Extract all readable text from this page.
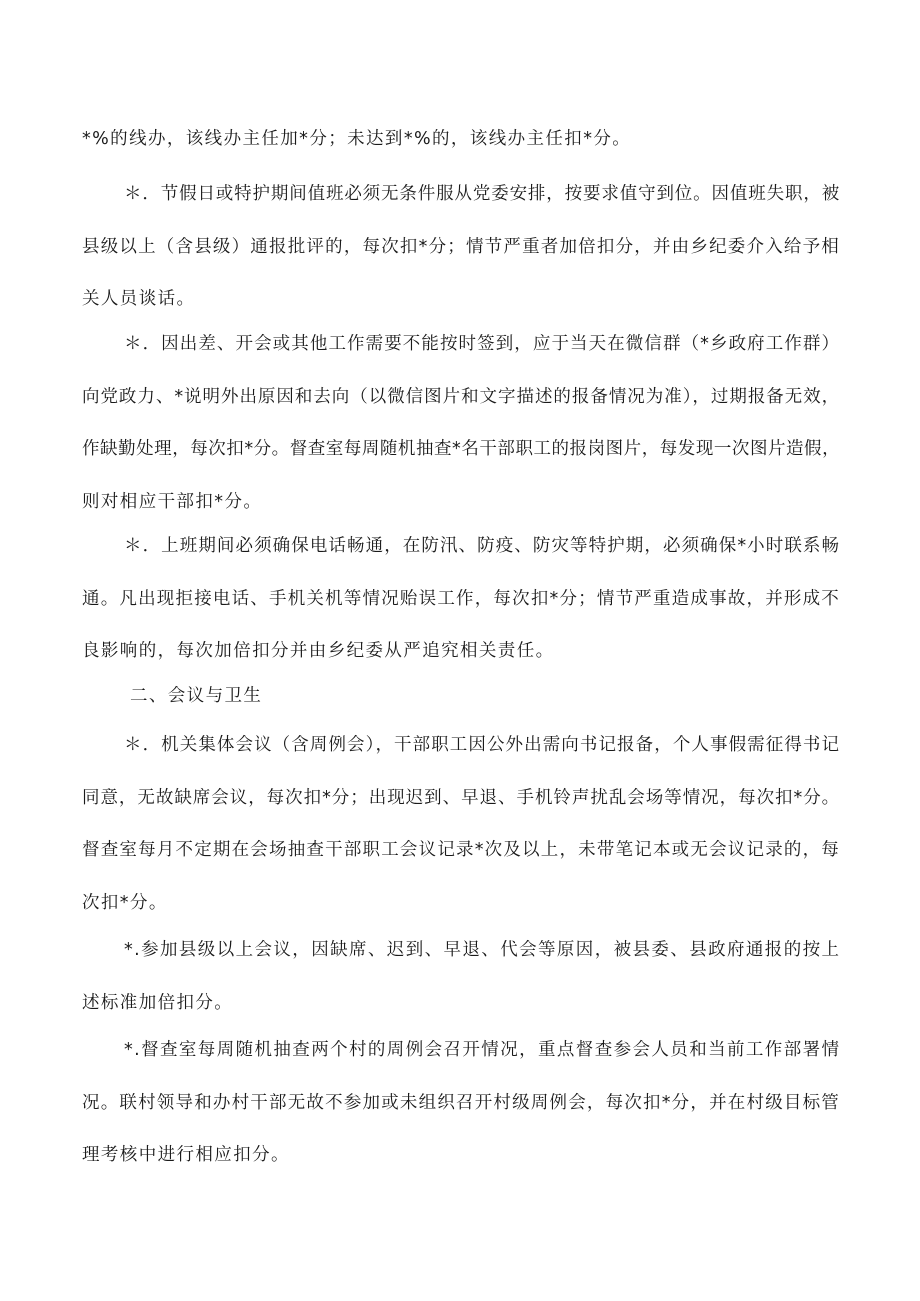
*%的线办，该线办主任加*分；未达到*%的，该线办主任扣*分。
＊．节假日或特护期间值班必须无条件服从党委安排，按要求值守到位。因值班失职，被
县级以上（含县级）通报批评的，每次扣*分；情节严重者加倍扣分，并由乡纪委介入给予相
关人员谈话。
＊．因出差、开会或其他工作需要不能按时签到，应于当天在微信群（*乡政府工作群）
向党政力、*说明外出原因和去向（以微信图片和文字描述的报备情况为准），过期报备无效，
作缺勤处理，每次扣*分。督查室每周随机抽查*名干部职工的报岗图片，每发现一次图片造假，
则对相应干部扣*分。
＊．上班期间必须确保电话畅通，在防汛、防疫、防灾等特护期，必须确保*小时联系畅
通。凡出现拒接电话、手机关机等情况贻误工作，每次扣*分；情节严重造成事故，并形成不
良影响的，每次加倍扣分并由乡纪委从严追究相关责任。
二、会议与卫生
＊．机关集体会议（含周例会），干部职工因公外出需向书记报备，个人事假需征得书记
同意，无故缺席会议，每次扣*分；出现迟到、早退、手机铃声扰乱会场等情况，每次扣*分。
督查室每月不定期在会场抽查干部职工会议记录*次及以上，未带笔记本或无会议记录的，每
次扣*分。
*.参加县级以上会议，因缺席、迟到、早退、代会等原因，被县委、县政府通报的按上
述标准加倍扣分。
*.督查室每周随机抽查两个村的周例会召开情况，重点督查参会人员和当前工作部署情
况。联村领导和办村干部无故不参加或未组织召开村级周例会，每次扣*分，并在村级目标管
理考核中进行相应扣分。
